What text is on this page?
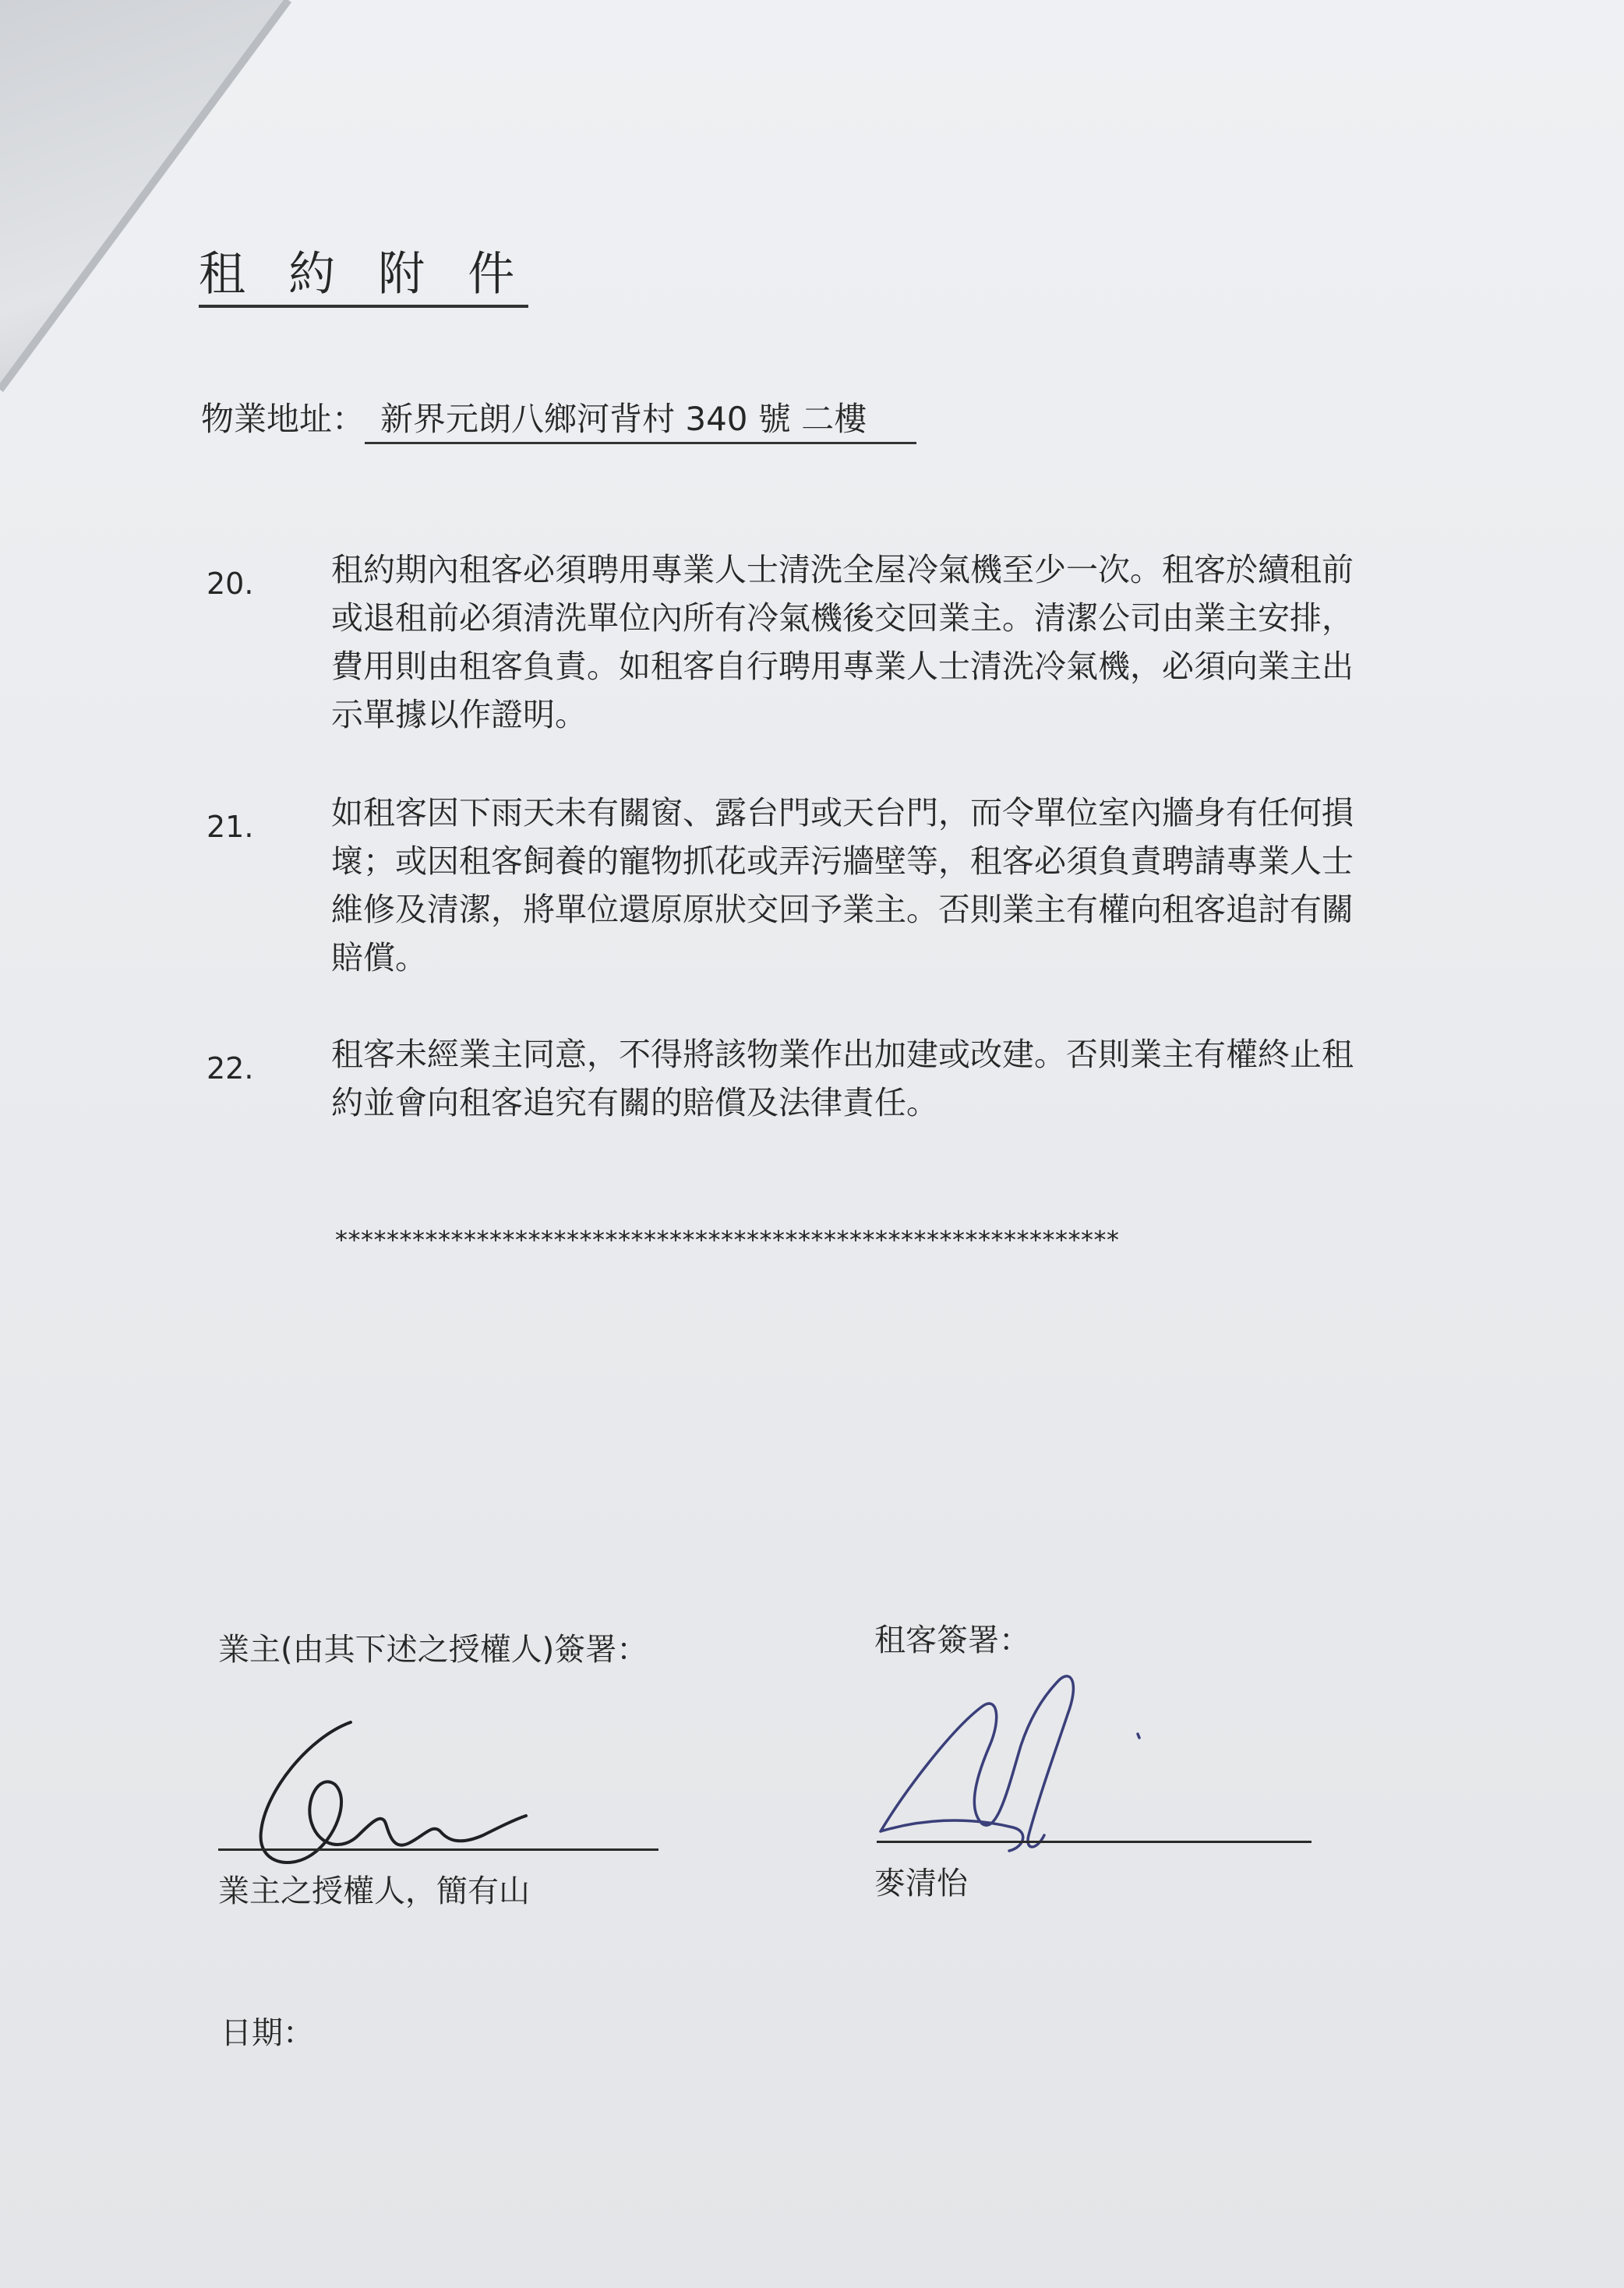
租 約 附 件
物業地址： 新界元朗八鄉河背村 340 號 二樓
20. 租約期內租客必須聘用專業人士清洗全屋冷氣機至少一次。租客於續租前或退租前必須清洗單位內所有冷氣機後交回業主。清潔公司由業主安排，費用則由租客負責。如租客自行聘用專業人士清洗冷氣機，必須向業主出示單據以作證明。
21. 如租客因下雨天未有關窗、露台門或天台門，而令單位室內牆身有任何損壞；或因租客飼養的寵物抓花或弄污牆壁等，租客必須負責聘請專業人士維修及清潔，將單位還原原狀交回予業主。否則業主有權向租客追討有關賠償。
22. 租客未經業主同意，不得將該物業作出加建或改建。否則業主有權終止租約並會向租客追究有關的賠償及法律責任。
*************************************************************
業主(由其下述之授權人)簽署：	租客簽署：
業主之授權人，簡有山	麥清怡
日期：
